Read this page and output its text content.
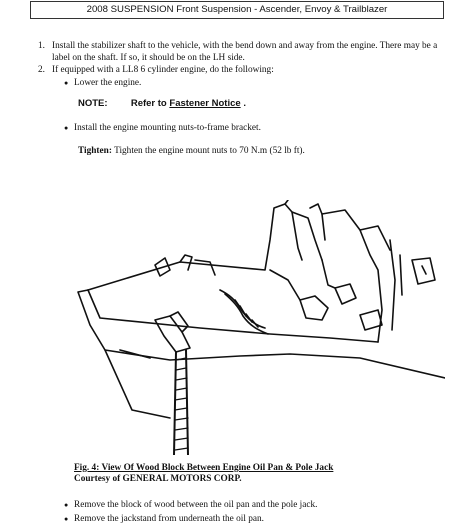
2008 SUSPENSION Front Suspension - Ascender, Envoy & Trailblazer
1. Install the stabilizer shaft to the vehicle, with the bend down and away from the engine. There may be a
label on the shaft. If so, it should be on the LH side.
2. If equipped with a LL8 6 cylinder engine, do the following:
● Lower the engine.
NOTE: Refer to Fastener Notice .
● Install the engine mounting nuts-to-frame bracket.
Tighten: Tighten the engine mount nuts to 70 N.m (52 lb ft).
Fig. 4: View Of Wood Block Between Engine Oil Pan & Pole Jack
Courtesy of GENERAL MOTORS CORP.
● Remove the block of wood between the oil pan and the pole jack.
● Remove the jackstand from underneath the oil pan.
